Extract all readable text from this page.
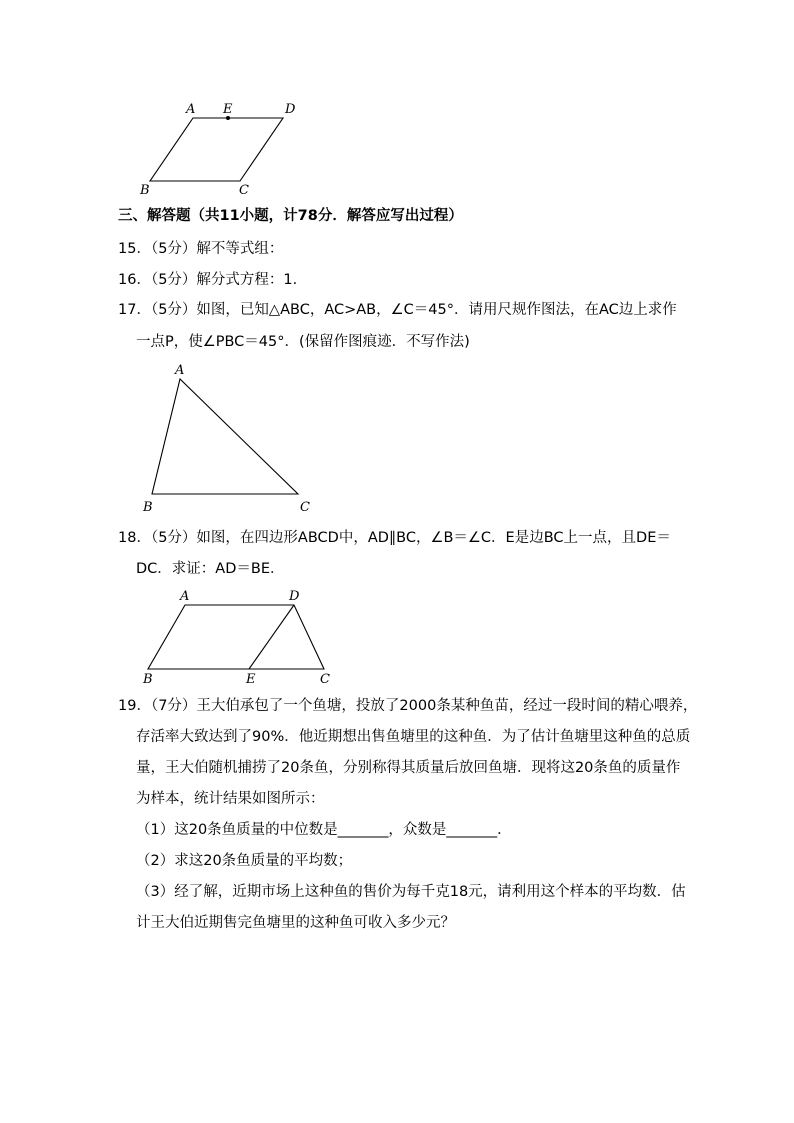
A E	D
B	C
三、解答题（共11小题，计78分．解答应写出过程）
15．（5分）解不等式组：
16．（5分）解分式方程：1．
17．（5分）如图，已知△ABC，AC>AB，∠C＝45°．请用尺规作图法，在AC边上求作
一点P，使∠PBC＝45°．(保留作图痕迹．不写作法)
A
B	C
18．（5分）如图，在四边形ABCD中，AD∥BC，∠B＝∠C．E是边BC上一点，且DE＝
DC．求证：AD＝BE．
A	D
B	E	C
19．（7分）王大伯承包了一个鱼塘，投放了2000条某种鱼苗，经过一段时间的精心喂养，
存活率大致达到了90%．他近期想出售鱼塘里的这种鱼．为了估计鱼塘里这种鱼的总质
量，王大伯随机捕捞了20条鱼，分别称得其质量后放回鱼塘．现将这20条鱼的质量作
为样本，统计结果如图所示：
（1）这20条鱼质量的中位数是_______，众数是_______．
（2）求这20条鱼质量的平均数；
（3）经了解，近期市场上这种鱼的售价为每千克18元，请利用这个样本的平均数．估
计王大伯近期售完鱼塘里的这种鱼可收入多少元？
